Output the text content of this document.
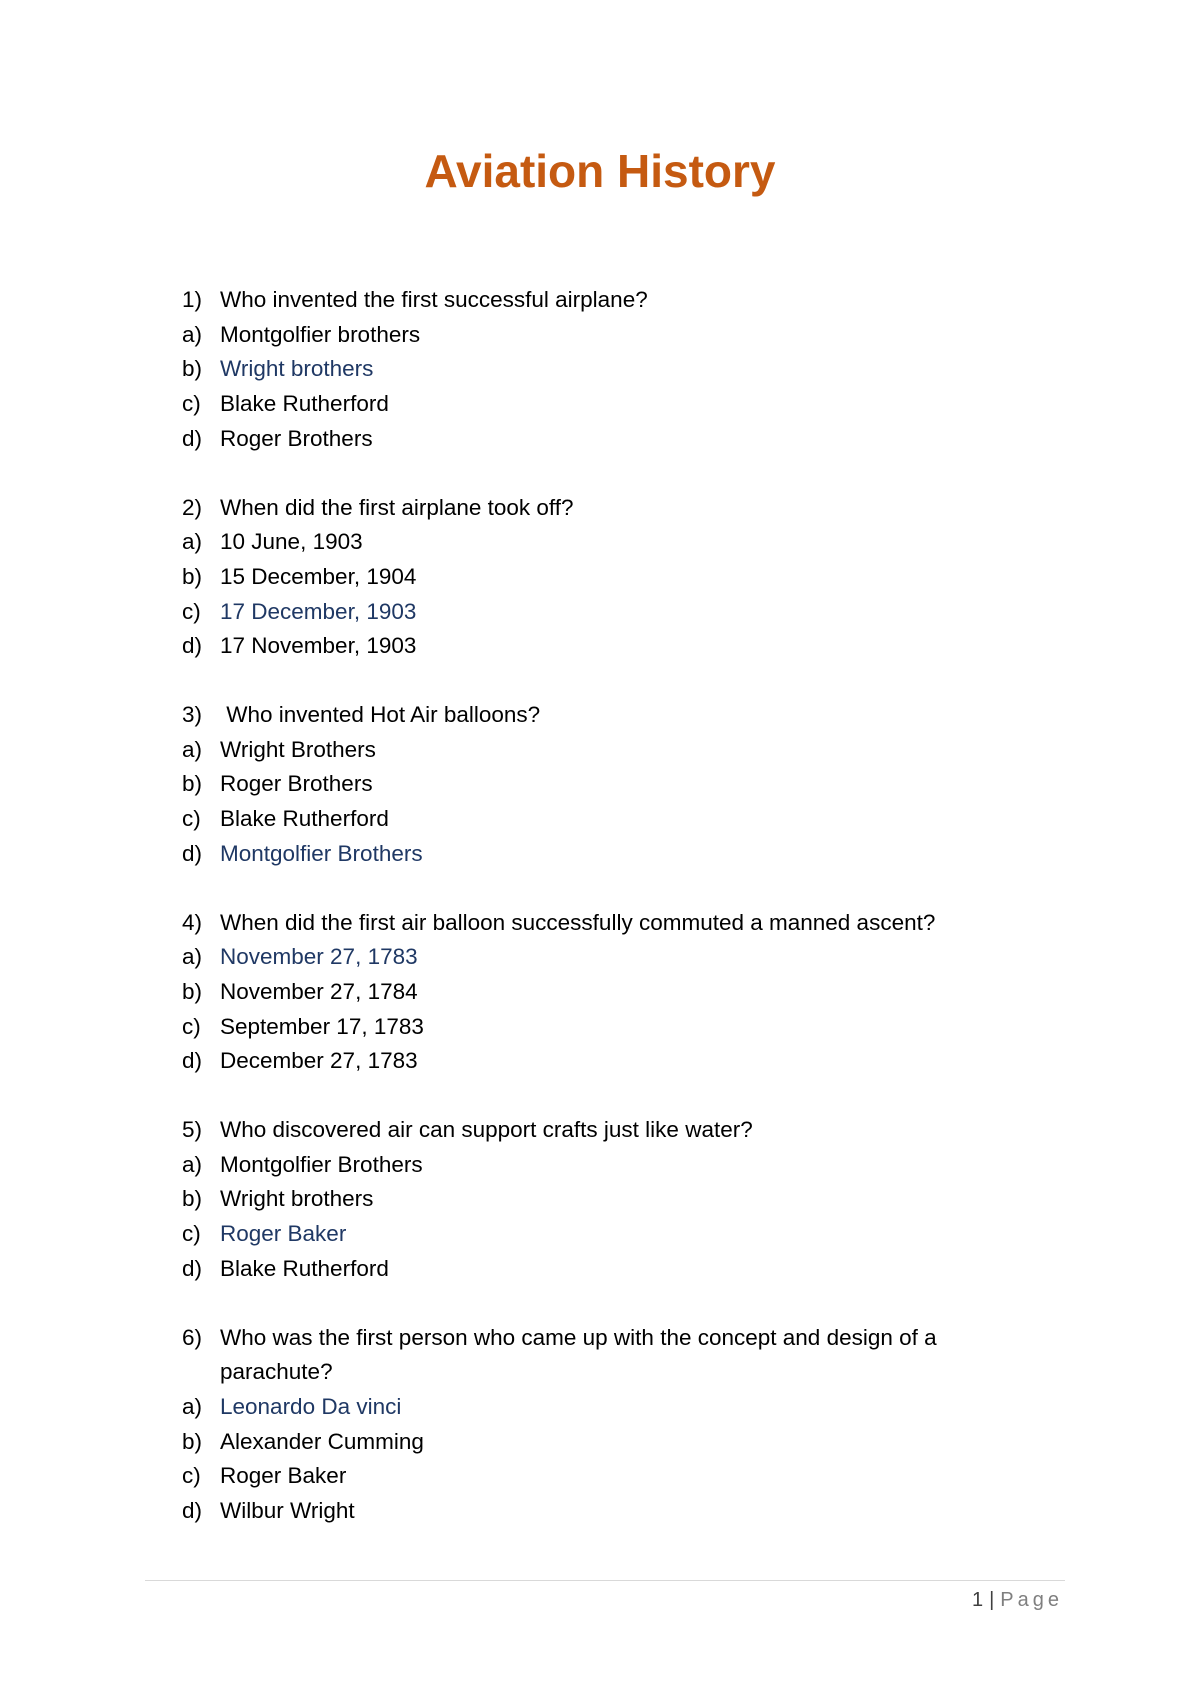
Aviation History
1) Who invented the first successful airplane?
a) Montgolfier brothers
b) Wright brothers
c) Blake Rutherford
d) Roger Brothers
2) When did the first airplane took off?
a) 10 June, 1903
b) 15 December, 1904
c) 17 December, 1903
d) 17 November, 1903
3) Who invented Hot Air balloons?
a) Wright Brothers
b) Roger Brothers
c) Blake Rutherford
d) Montgolfier Brothers
4) When did the first air balloon successfully commuted a manned ascent?
a) November 27, 1783
b) November 27, 1784
c) September 17, 1783
d) December 27, 1783
5) Who discovered air can support crafts just like water?
a) Montgolfier Brothers
b) Wright brothers
c) Roger Baker
d) Blake Rutherford
6) Who was the first person who came up with the concept and design of a parachute?
a) Leonardo Da vinci
b) Alexander Cumming
c) Roger Baker
d) Wilbur Wright
1 | Page
